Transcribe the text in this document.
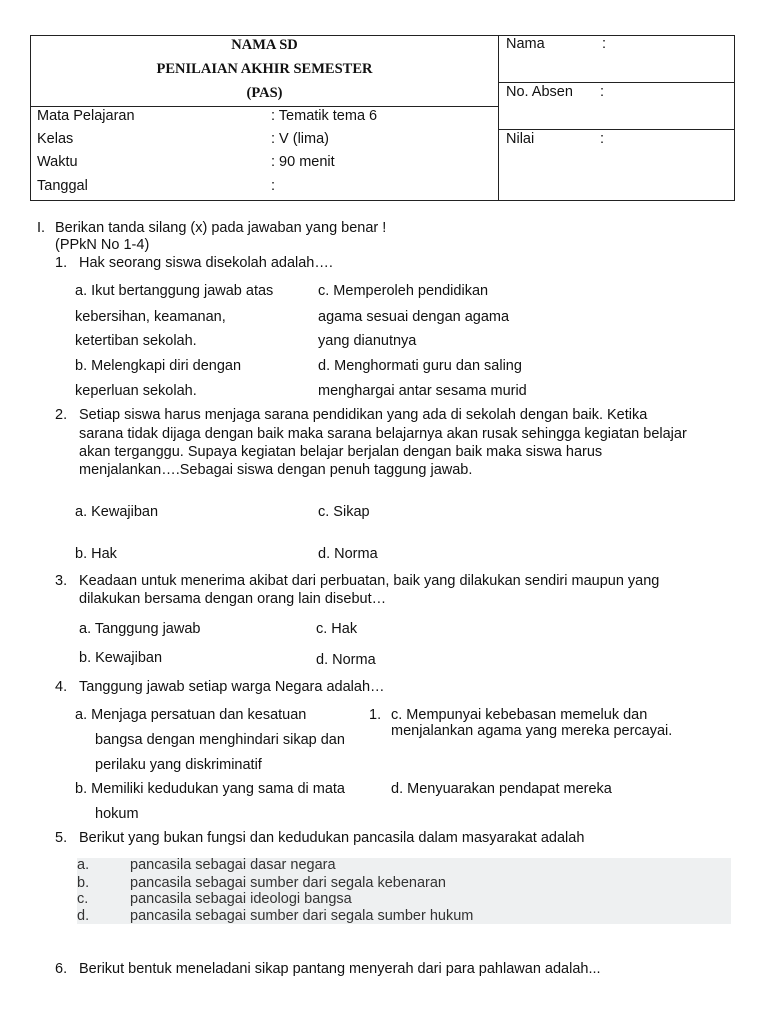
NAMA SD
PENILAIAN AKHIR SEMESTER
(PAS)
Mata Pelajaran	: Tematik tema 6
Kelas	: V (lima)
Waktu	: 90 menit
Tanggal	:
Nama	:
No. Absen :
Nilai	:
I. Berikan tanda silang (x) pada jawaban yang benar !
(PPkN No 1-4)
1. Hak seorang siswa disekolah adalah….
a. Ikut bertanggung jawab atas
kebersihan, keamanan,
ketertiban sekolah.
b. Melengkapi diri dengan
keperluan sekolah.
c. Memperoleh pendidikan
agama sesuai dengan agama
yang dianutnya
d. Menghormati guru dan saling
menghargai antar sesama murid
2. Setiap siswa harus menjaga sarana pendidikan yang ada di sekolah dengan baik. Ketika
sarana tidak dijaga dengan baik maka sarana belajarnya akan rusak sehingga kegiatan belajar
akan terganggu. Supaya kegiatan belajar berjalan dengan baik maka siswa harus
menjalankan….Sebagai siswa dengan penuh taggung jawab.
a. Kewajiban	c. Sikap
b. Hak	d. Norma
3. Keadaan untuk menerima akibat dari perbuatan, baik yang dilakukan sendiri maupun yang
dilakukan bersama dengan orang lain disebut…
a. Tanggung jawab	c. Hak
b. Kewajiban	d. Norma
4. Tanggung jawab setiap warga Negara adalah…
a. Menjaga persatuan dan kesatuan
bangsa dengan menghindari sikap dan
perilaku yang diskriminatif
b. Memiliki kedudukan yang sama di mata
hokum
1. c. Mempunyai kebebasan memeluk dan
menjalankan agama yang mereka percayai.
d. Menyuarakan pendapat mereka
5. Berikut yang bukan fungsi dan kedudukan pancasila dalam masyarakat adalah
a.	pancasila sebagai dasar negara
b.	pancasila sebagai sumber dari segala kebenaran
c.	pancasila sebagai ideologi bangsa
d.	pancasila sebagai sumber dari segala sumber hukum
6. Berikut bentuk meneladani sikap pantang menyerah dari para pahlawan adalah...
